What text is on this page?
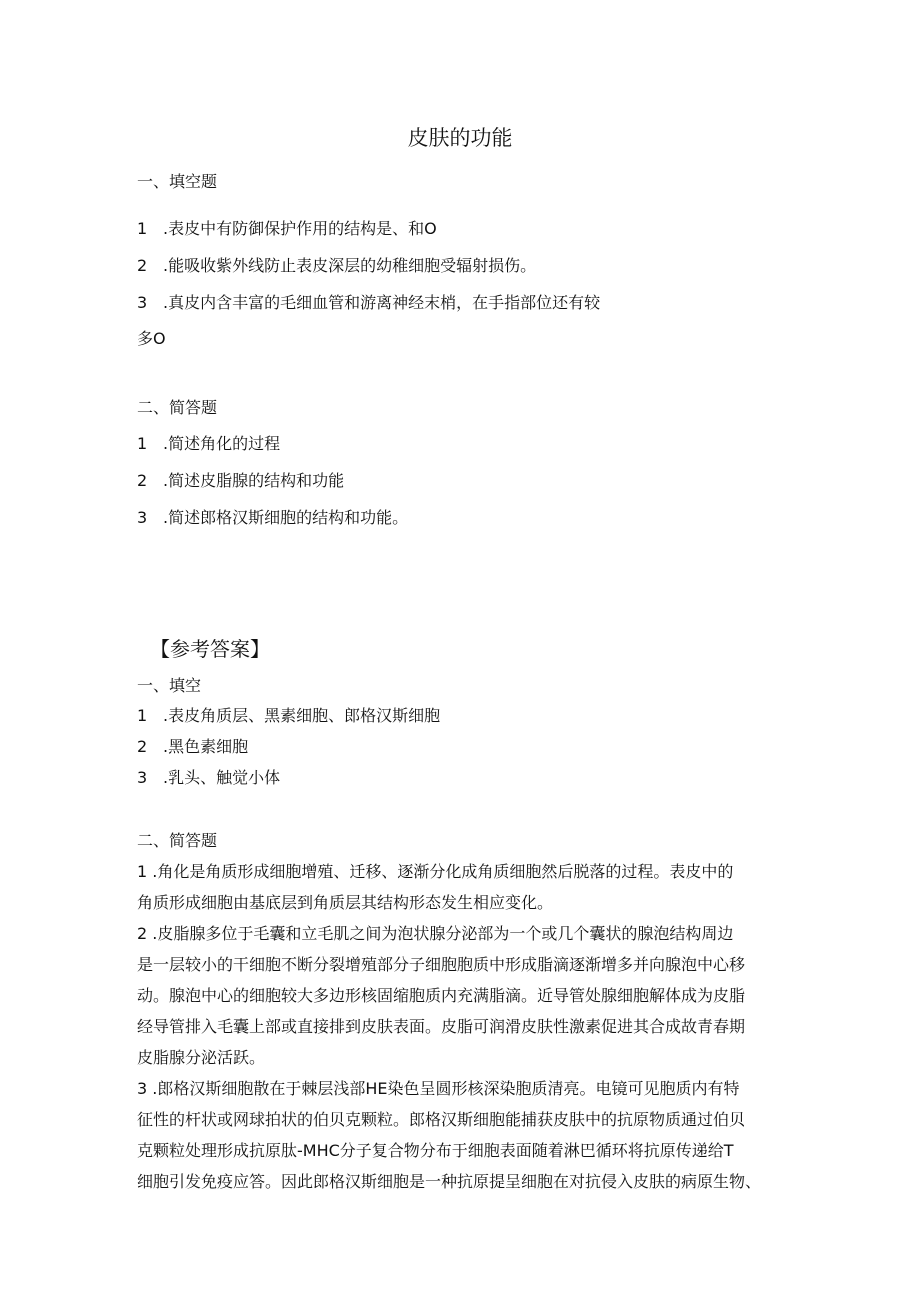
皮肤的功能
一、填空题
1 .表皮中有防御保护作用的结构是、和O
2 .能吸收紫外线防止表皮深层的幼稚细胞受辐射损伤。
3 .真皮内含丰富的毛细血管和游离神经末梢，在手指部位还有较
多O
二、简答题
1 .简述角化的过程
2 .简述皮脂腺的结构和功能
3 .简述郎格汉斯细胞的结构和功能。
【参考答案】
一、填空
1 .表皮角质层、黑素细胞、郎格汉斯细胞
2 .黑色素细胞
3 .乳头、触觉小体
二、简答题
1 .角化是角质形成细胞增殖、迁移、逐渐分化成角质细胞然后脱落的过程。表皮中的
角质形成细胞由基底层到角质层其结构形态发生相应变化。
2 .皮脂腺多位于毛囊和立毛肌之间为泡状腺分泌部为一个或几个囊状的腺泡结构周边
是一层较小的干细胞不断分裂增殖部分子细胞胞质中形成脂滴逐渐增多并向腺泡中心移
动。腺泡中心的细胞较大多边形核固缩胞质内充满脂滴。近导管处腺细胞解体成为皮脂
经导管排入毛囊上部或直接排到皮肤表面。皮脂可润滑皮肤性激素促进其合成故青春期
皮脂腺分泌活跃。
3 .郎格汉斯细胞散在于棘层浅部HE染色呈圆形核深染胞质清亮。电镜可见胞质内有特
征性的杆状或网球拍状的伯贝克颗粒。郎格汉斯细胞能捕获皮肤中的抗原物质通过伯贝
克颗粒处理形成抗原肽-MHC分子复合物分布于细胞表面随着淋巴循环将抗原传递给T
细胞引发免疫应答。因此郎格汉斯细胞是一种抗原提呈细胞在对抗侵入皮肤的病原生物、
